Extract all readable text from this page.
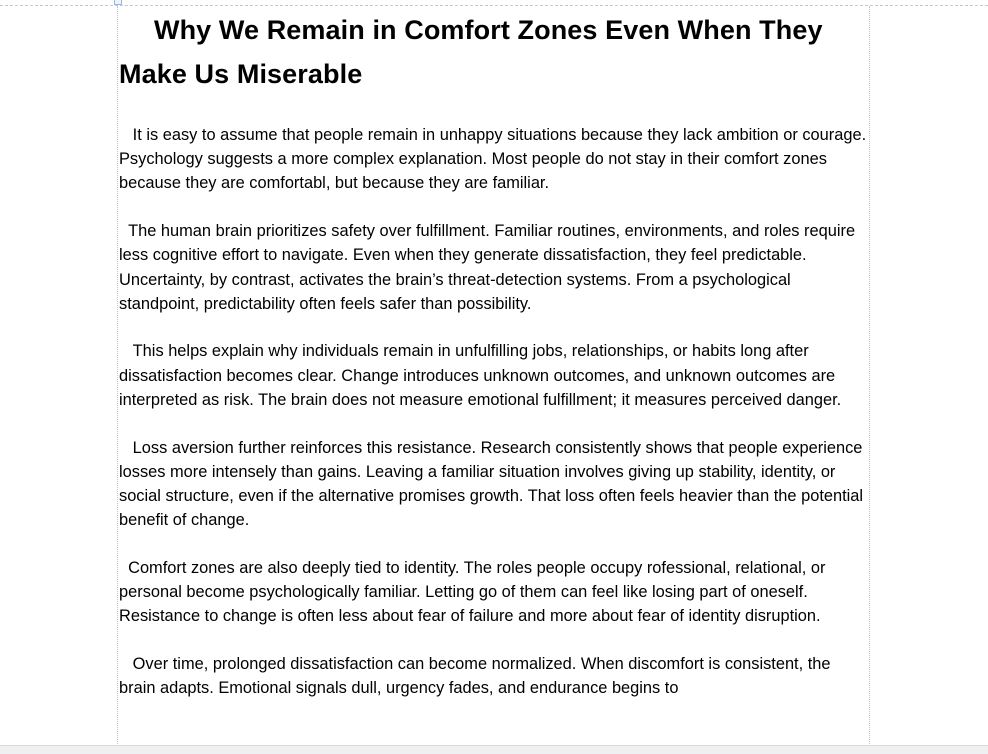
Why We Remain in Comfort Zones Even When They Make Us Miserable

It is easy to assume that people remain in unhappy situations because they lack ambition or courage. Psychology suggests a more complex explanation. Most people do not stay in their comfort zones because they are comfortabl, but because they are familiar.

The human brain prioritizes safety over fulfillment. Familiar routines, environments, and roles require less cognitive effort to navigate. Even when they generate dissatisfaction, they feel predictable. Uncertainty, by contrast, activates the brain’s threat-detection systems. From a psychological standpoint, predictability often feels safer than possibility.

This helps explain why individuals remain in unfulfilling jobs, relationships, or habits long after dissatisfaction becomes clear. Change introduces unknown outcomes, and unknown outcomes are interpreted as risk. The brain does not measure emotional fulfillment; it measures perceived danger.

Loss aversion further reinforces this resistance. Research consistently shows that people experience losses more intensely than gains. Leaving a familiar situation involves giving up stability, identity, or social structure, even if the alternative promises growth. That loss often feels heavier than the potential benefit of change.

Comfort zones are also deeply tied to identity. The roles people occupy rofessional, relational, or personal become psychologically familiar. Letting go of them can feel like losing part of oneself. Resistance to change is often less about fear of failure and more about fear of identity disruption.

Over time, prolonged dissatisfaction can become normalized. When discomfort is consistent, the brain adapts. Emotional signals dull, urgency fades, and endurance begins to
